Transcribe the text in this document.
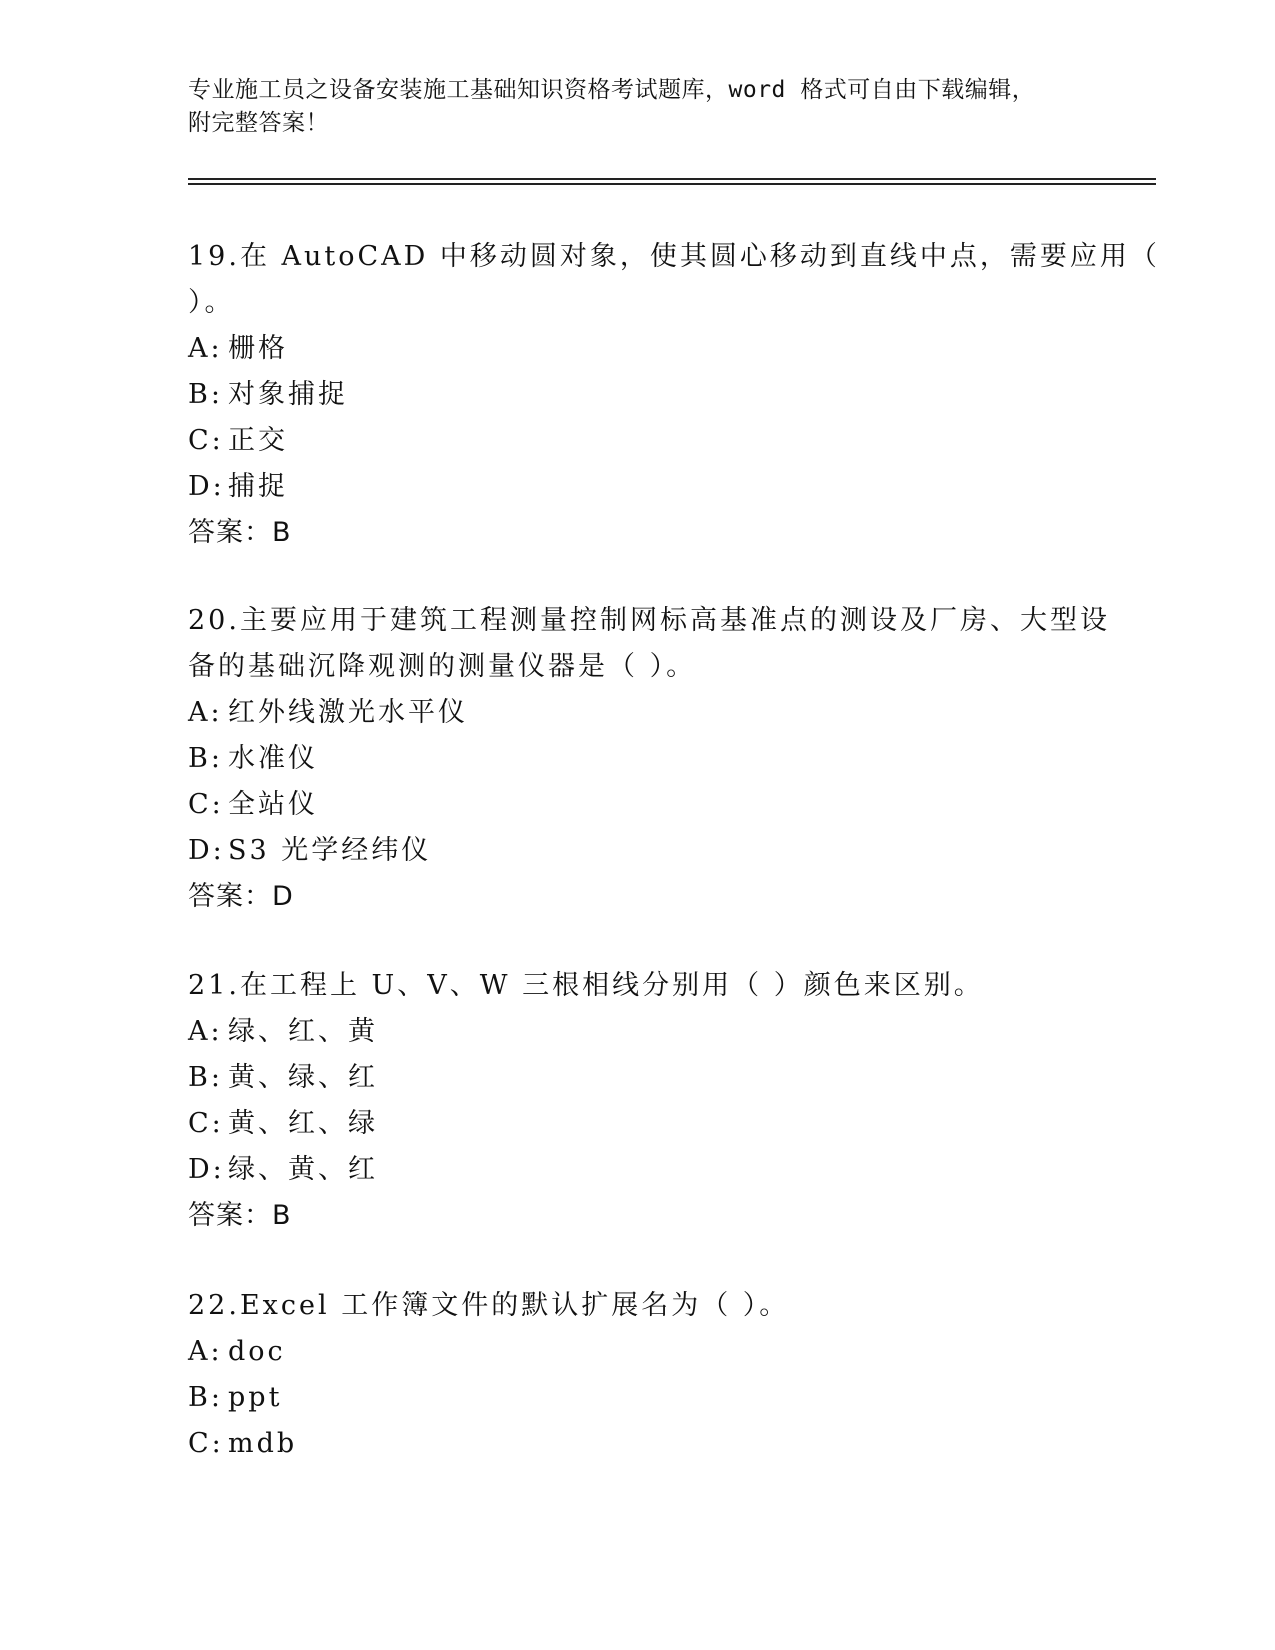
专业施工员之设备安装施工基础知识资格考试题库，word 格式可自由下载编辑，
附完整答案！
19.在 AutoCAD 中移动圆对象，使其圆心移动到直线中点，需要应用（
）。
A: 栅格
B: 对象捕捉
C: 正交
D: 捕捉
答案：B
20.主要应用于建筑工程测量控制网标高基准点的测设及厂房、大型设
备的基础沉降观测的测量仪器是（ ）。
A: 红外线激光水平仪
B: 水准仪
C: 全站仪
D: S3 光学经纬仪
答案：D
21.在工程上 U、V、W 三根相线分别用（ ）颜色来区别。
A: 绿、红、黄
B: 黄、绿、红
C: 黄、红、绿
D: 绿、黄、红
答案：B
22.Excel 工作簿文件的默认扩展名为（ ）。
A: doc
B: ppt
C: mdb
